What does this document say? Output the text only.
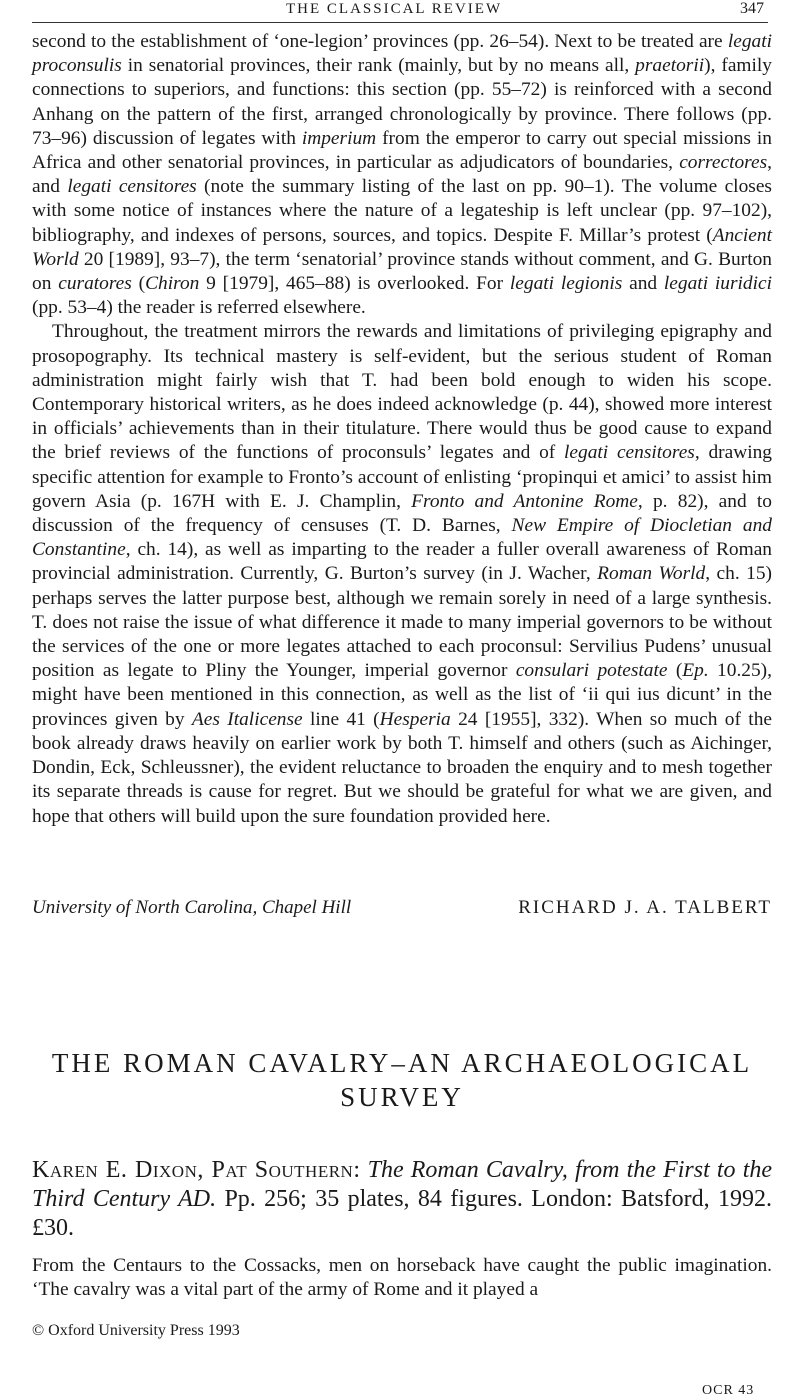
THE CLASSICAL REVIEW	347

second to the establishment of ‘one-legion’ provinces (pp. 26–54). Next to be treated are legati proconsulis in senatorial provinces, their rank (mainly, but by no means all, praetorii), family connections to superiors, and functions: this section (pp. 55–72) is reinforced with a second Anhang on the pattern of the first, arranged chronologically by province. There follows (pp. 73–96) discussion of legates with imperium from the emperor to carry out special missions in Africa and other senatorial provinces, in particular as adjudicators of boundaries, correctores, and legati censitores (note the summary listing of the last on pp. 90–1). The volume closes with some notice of instances where the nature of a legateship is left unclear (pp. 97–102), bibliography, and indexes of persons, sources, and topics. Despite F. Millar’s protest (Ancient World 20 [1989], 93–7), the term ‘senatorial’ province stands without comment, and G. Burton on curatores (Chiron 9 [1979], 465–88) is overlooked. For legati legionis and legati iuridici (pp. 53–4) the reader is referred elsewhere.

Throughout, the treatment mirrors the rewards and limitations of privileging epigraphy and prosopography. Its technical mastery is self-evident, but the serious student of Roman administration might fairly wish that T. had been bold enough to widen his scope. Contemporary historical writers, as he does indeed acknowledge (p. 44), showed more interest in officials’ achievements than in their titulature. There would thus be good cause to expand the brief reviews of the functions of proconsuls’ legates and of legati censitores, drawing specific attention for example to Fronto’s account of enlisting ‘propinqui et amici’ to assist him govern Asia (p. 167H with E. J. Champlin, Fronto and Antonine Rome, p. 82), and to discussion of the frequency of censuses (T. D. Barnes, New Empire of Diocletian and Constantine, ch. 14), as well as imparting to the reader a fuller overall awareness of Roman provincial administration. Currently, G. Burton’s survey (in J. Wacher, Roman World, ch. 15) perhaps serves the latter purpose best, although we remain sorely in need of a large synthesis. T. does not raise the issue of what difference it made to many imperial governors to be without the services of the one or more legates attached to each proconsul: Servilius Pudens’ unusual position as legate to Pliny the Younger, imperial governor consulari potestate (Ep. 10.25), might have been mentioned in this connection, as well as the list of ‘ii qui ius dicunt’ in the provinces given by Aes Italicense line 41 (Hesperia 24 [1955], 332). When so much of the book already draws heavily on earlier work by both T. himself and others (such as Aichinger, Dondin, Eck, Schleussner), the evident reluctance to broaden the enquiry and to mesh together its separate threads is cause for regret. But we should be grateful for what we are given, and hope that others will build upon the sure foundation provided here.

University of North Carolina, Chapel Hill	RICHARD J. A. TALBERT
THE ROMAN CAVALRY–AN ARCHAEOLOGICAL SURVEY
Karen E. Dixon, Pat Southern: The Roman Cavalry, from the First to the Third Century AD. Pp. 256; 35 plates, 84 figures. London: Batsford, 1992. £30.

From the Centaurs to the Cossacks, men on horseback have caught the public imagination. ‘The cavalry was a vital part of the army of Rome and it played a

© Oxford University Press 1993
OCR 43
